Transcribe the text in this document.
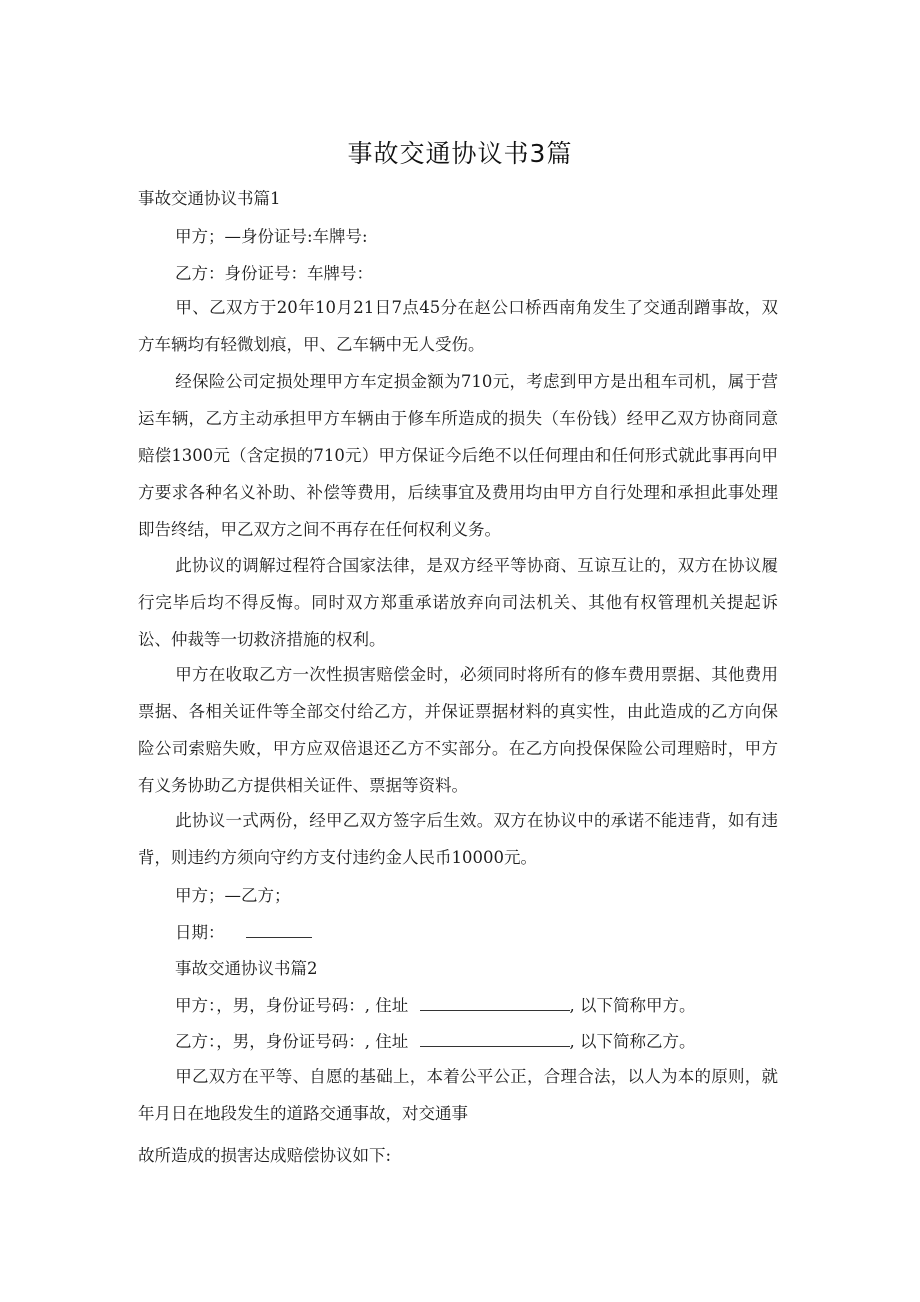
事故交通协议书3篇
事故交通协议书篇1
甲方；—身份证号:车牌号:
乙方：身份证号：车牌号：
甲、乙双方于20年10月21日7点45分在赵公口桥西南角发生了交通刮蹭事故，双方车辆均有轻微划痕，甲、乙车辆中无人受伤。
经保险公司定损处理甲方车定损金额为710元，考虑到甲方是出租车司机，属于营运车辆，乙方主动承担甲方车辆由于修车所造成的损失（车份钱）经甲乙双方协商同意赔偿1300元（含定损的710元）甲方保证今后绝不以任何理由和任何形式就此事再向甲方要求各种名义补助、补偿等费用，后续事宜及费用均由甲方自行处理和承担此事处理即告终结，甲乙双方之间不再存在任何权利义务。
此协议的调解过程符合国家法律，是双方经平等协商、互谅互让的，双方在协议履行完毕后均不得反悔。同时双方郑重承诺放弃向司法机关、其他有权管理机关提起诉讼、仲裁等一切救济措施的权利。
甲方在收取乙方一次性损害赔偿金时，必须同时将所有的修车费用票据、其他费用票据、各相关证件等全部交付给乙方，并保证票据材料的真实性，由此造成的乙方向保险公司索赔失败，甲方应双倍退还乙方不实部分。在乙方向投保保险公司理赔时，甲方有义务协助乙方提供相关证件、票据等资料。
此协议一式两份，经甲乙双方签字后生效。双方在协议中的承诺不能违背，如有违背，则违约方须向守约方支付违约金人民币10000元。
甲方；—乙方；
日期：
事故交通协议书篇2
甲方：，男，身份证号码：, 住址	, 以下简称甲方。
乙方：，男，身份证号码：, 住址	, 以下简称乙方。
甲乙双方在平等、自愿的基础上，本着公平公正，合理合法，以人为本的原则，就年月日在地段发生的道路交通事故，对交通事
故所造成的损害达成赔偿协议如下:
